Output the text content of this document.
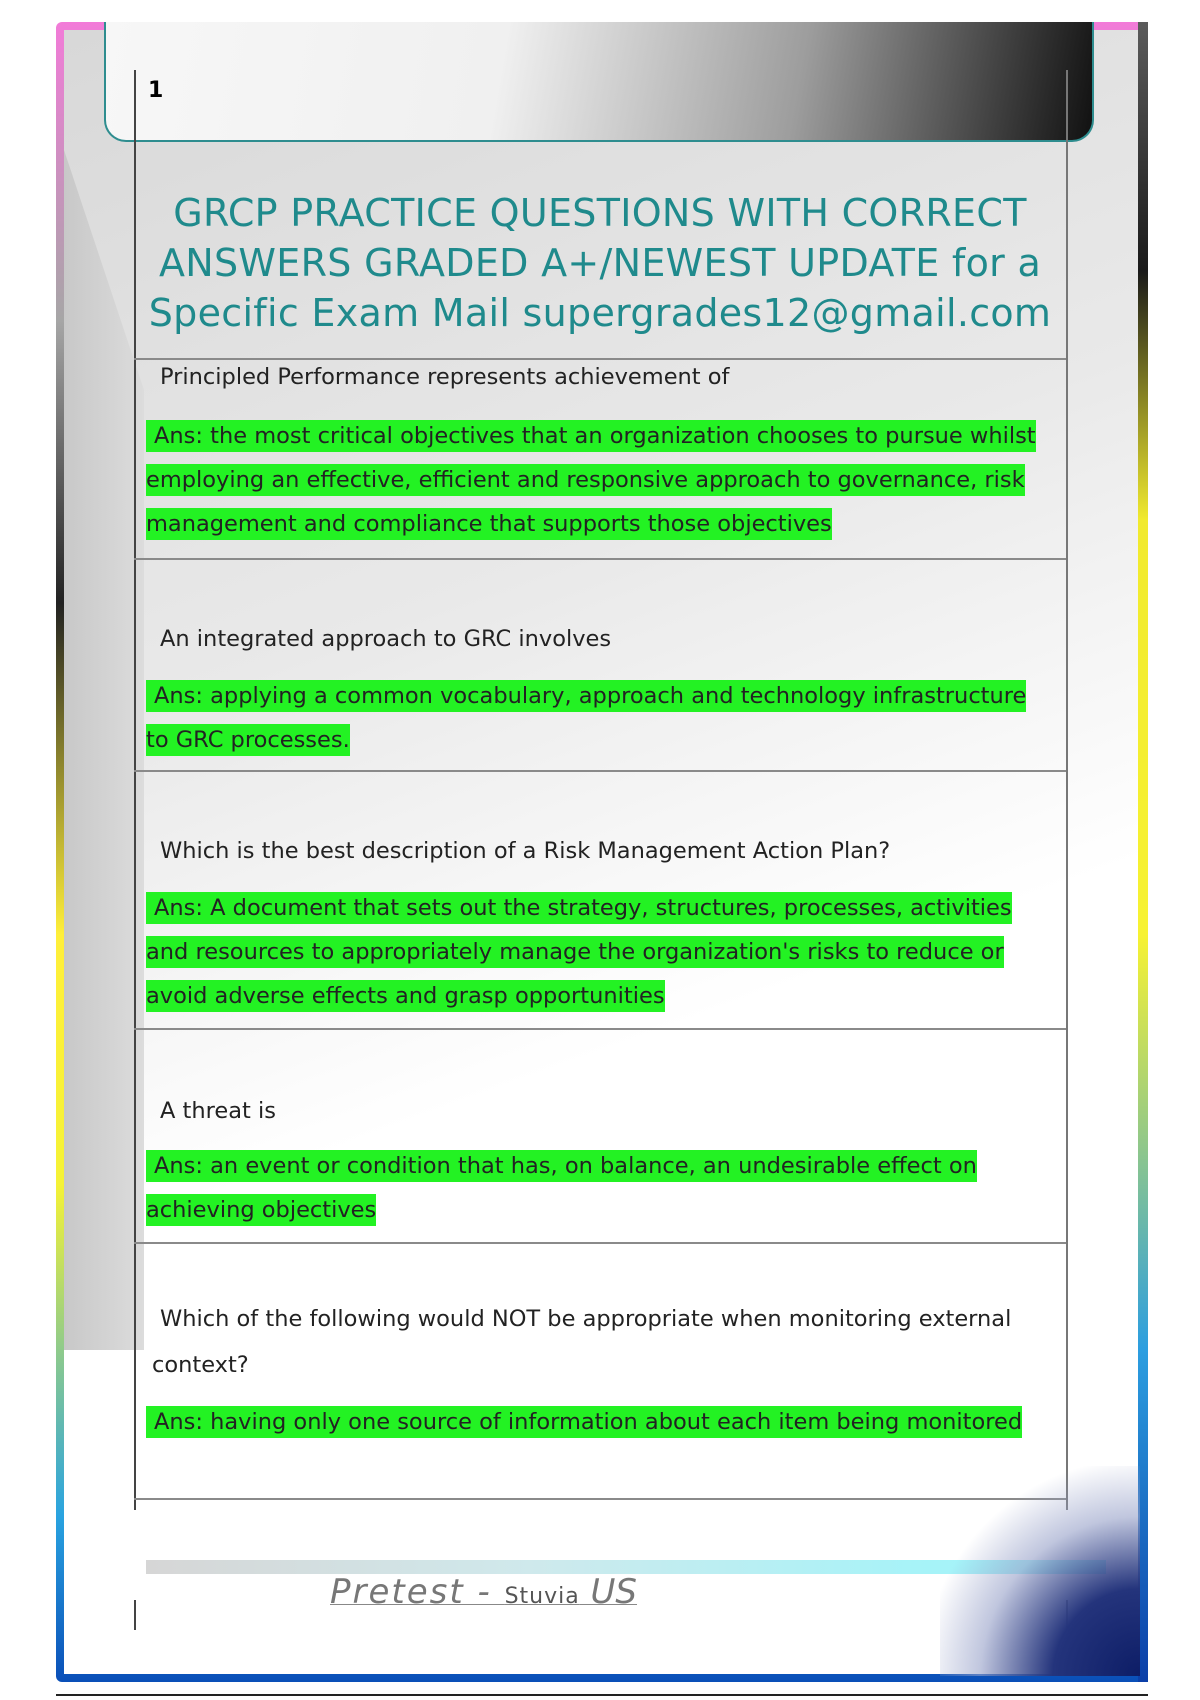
1
GRCP PRACTICE QUESTIONS WITH CORRECT ANSWERS GRADED A+/NEWEST UPDATE for a Specific Exam Mail supergrades12@gmail.com
Principled Performance represents achievement of
Ans: the most critical objectives that an organization chooses to pursue whilst employing an effective, efficient and responsive approach to governance, risk management and compliance that supports those objectives
An integrated approach to GRC involves
Ans: applying a common vocabulary, approach and technology infrastructure to GRC processes.
Which is the best description of a Risk Management Action Plan?
Ans: A document that sets out the strategy, structures, processes, activities and resources to appropriately manage the organization's risks to reduce or avoid adverse effects and grasp opportunities
A threat is
Ans: an event or condition that has, on balance, an undesirable effect on achieving objectives
Which of the following would NOT be appropriate when monitoring external context?
Ans: having only one source of information about each item being monitored
Pretest - Stuvia US
